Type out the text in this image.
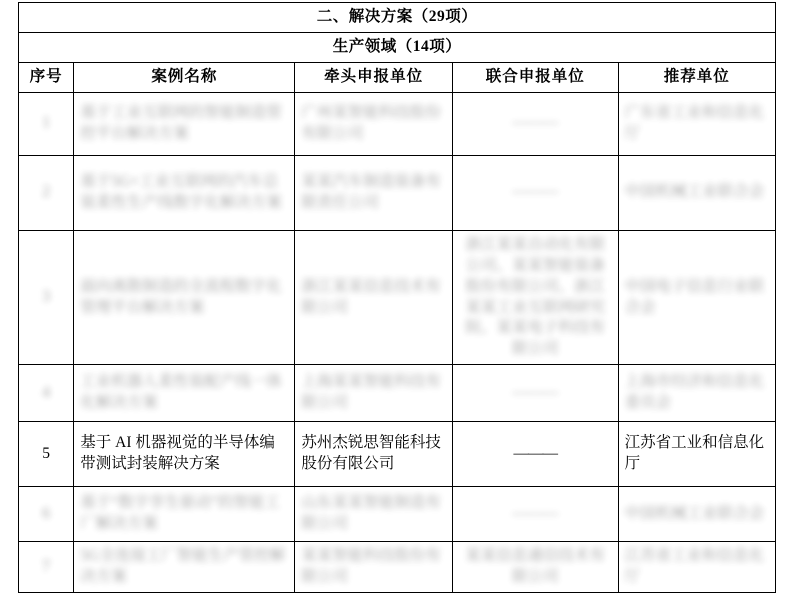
二、解决方案（29项）				
生产领域（14项）				
序号	案例名称	牵头申报单位	联合申报单位	推荐单位

1	基于工业互联网的智能制造管控平台解决方案	广州某智能科技股份有限公司	———	广东省工业和信息化厅

2	基于5G+工业互联网的汽车总装柔性生产线数字化解决方案	某某汽车制造装备有限责任公司	———	中国机械工业联合会

3	面向离散制造的全流程数字化管理平台解决方案	浙江某某信息技术有限公司	浙江某某自动化有限公司、某某智能装备股份有限公司、浙江某某工业互联网研究院、某某电子科技有限公司	中国电子信息行业联合会

4	工业机器人柔性装配产线一体化解决方案	上海某某智能科技有限公司	———	上海市经济和信息化委员会

5	基于 AI 机器视觉的半导体编带测试封装解决方案	苏州杰锐思智能科技股份有限公司	———	江苏省工业和信息化厅

6	基于“数字孪生驱动”的智能工厂解决方案	山东某某智能制造有限公司	———	中国机械工业联合会

7	5G全连接工厂智能生产管控解决方案	某某智能科技股份有限公司	某某信息通信技术有限公司	江苏省工业和信息化厅
